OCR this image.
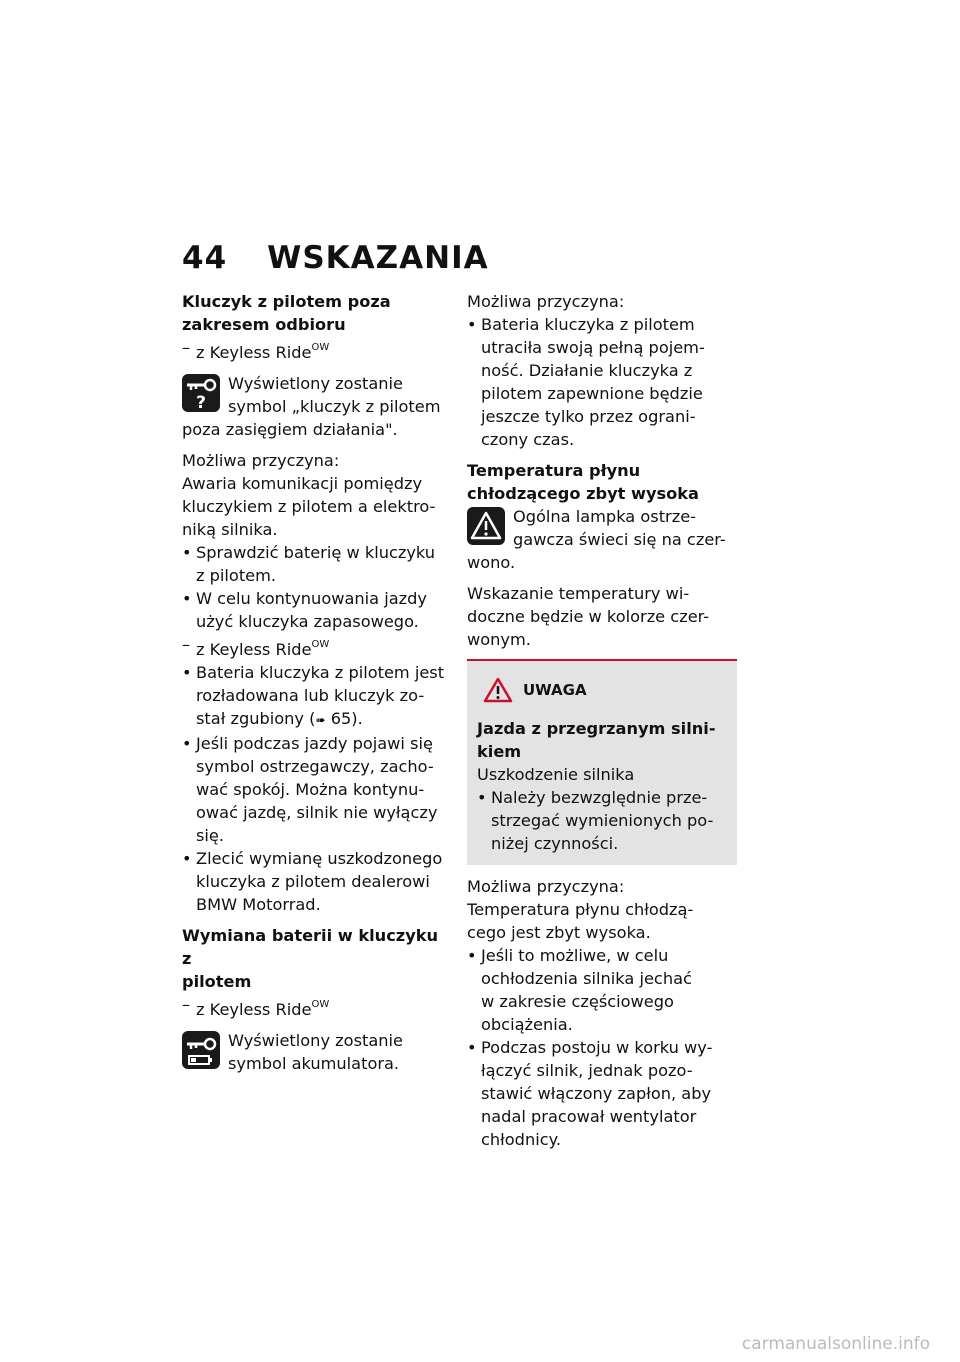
44 WSKAZANIA
Kluczyk z pilotem poza
zakresem odbioru

– z Keyless Ride$^{OW}$

?

Wyświetlony zostanie

symbol „kluczyk z pilotem

poza zasięgiem działania".

Możliwa przyczyna:

Awaria komunikacji pomiędzy

kluczykiem z pilotem a elektro-

niką silnika.

• Sprawdzić baterię w kluczyku

z pilotem.

• W celu kontynuowania jazdy

użyć kluczyka zapasowego.

– z Keyless Ride$^{OW}$

• Bateria kluczyka z pilotem jest

rozładowana lub kluczyk zo-

stał zgubiony (➠ 65).

• Jeśli podczas jazdy pojawi się

symbol ostrzegawczy, zacho-

wać spokój. Można kontynu-

ować jazdę, silnik nie wyłączy

się.

• Zlecić wymianę uszkodzonego

kluczyka z pilotem dealerowi

BMW Motorrad.

Wymiana baterii w kluczyku z
pilotem

– z Keyless Ride$^{OW}$

Wyświetlony zostanie

symbol akumulatora.

Możliwa przyczyna:

• Bateria kluczyka z pilotem

utraciła swoją pełną pojem-

ność. Działanie kluczyka z

pilotem zapewnione będzie

jeszcze tylko przez ograni-

czony czas.

Temperatura płynu
chłodzącego zbyt wysoka

Ogólna lampka ostrze-

gawcza świeci się na czer-

wono.

Wskazanie temperatury wi-

doczne będzie w kolorze czer-

wonym.

UWAGA
Jazda z przegrzanym silni-
kiem

Uszkodzenie silnika

• Należy bezwzględnie prze-

strzegać wymienionych po-

niżej czynności.

Możliwa przyczyna:

Temperatura płynu chłodzą-

cego jest zbyt wysoka.

• Jeśli to możliwe, w celu

ochłodzenia silnika jechać

w zakresie częściowego

obciążenia.

• Podczas postoju w korku wy-

łączyć silnik, jednak pozo-

stawić włączony zapłon, aby

nadal pracował wentylator

chłodnicy.

carmanualsonline.info
